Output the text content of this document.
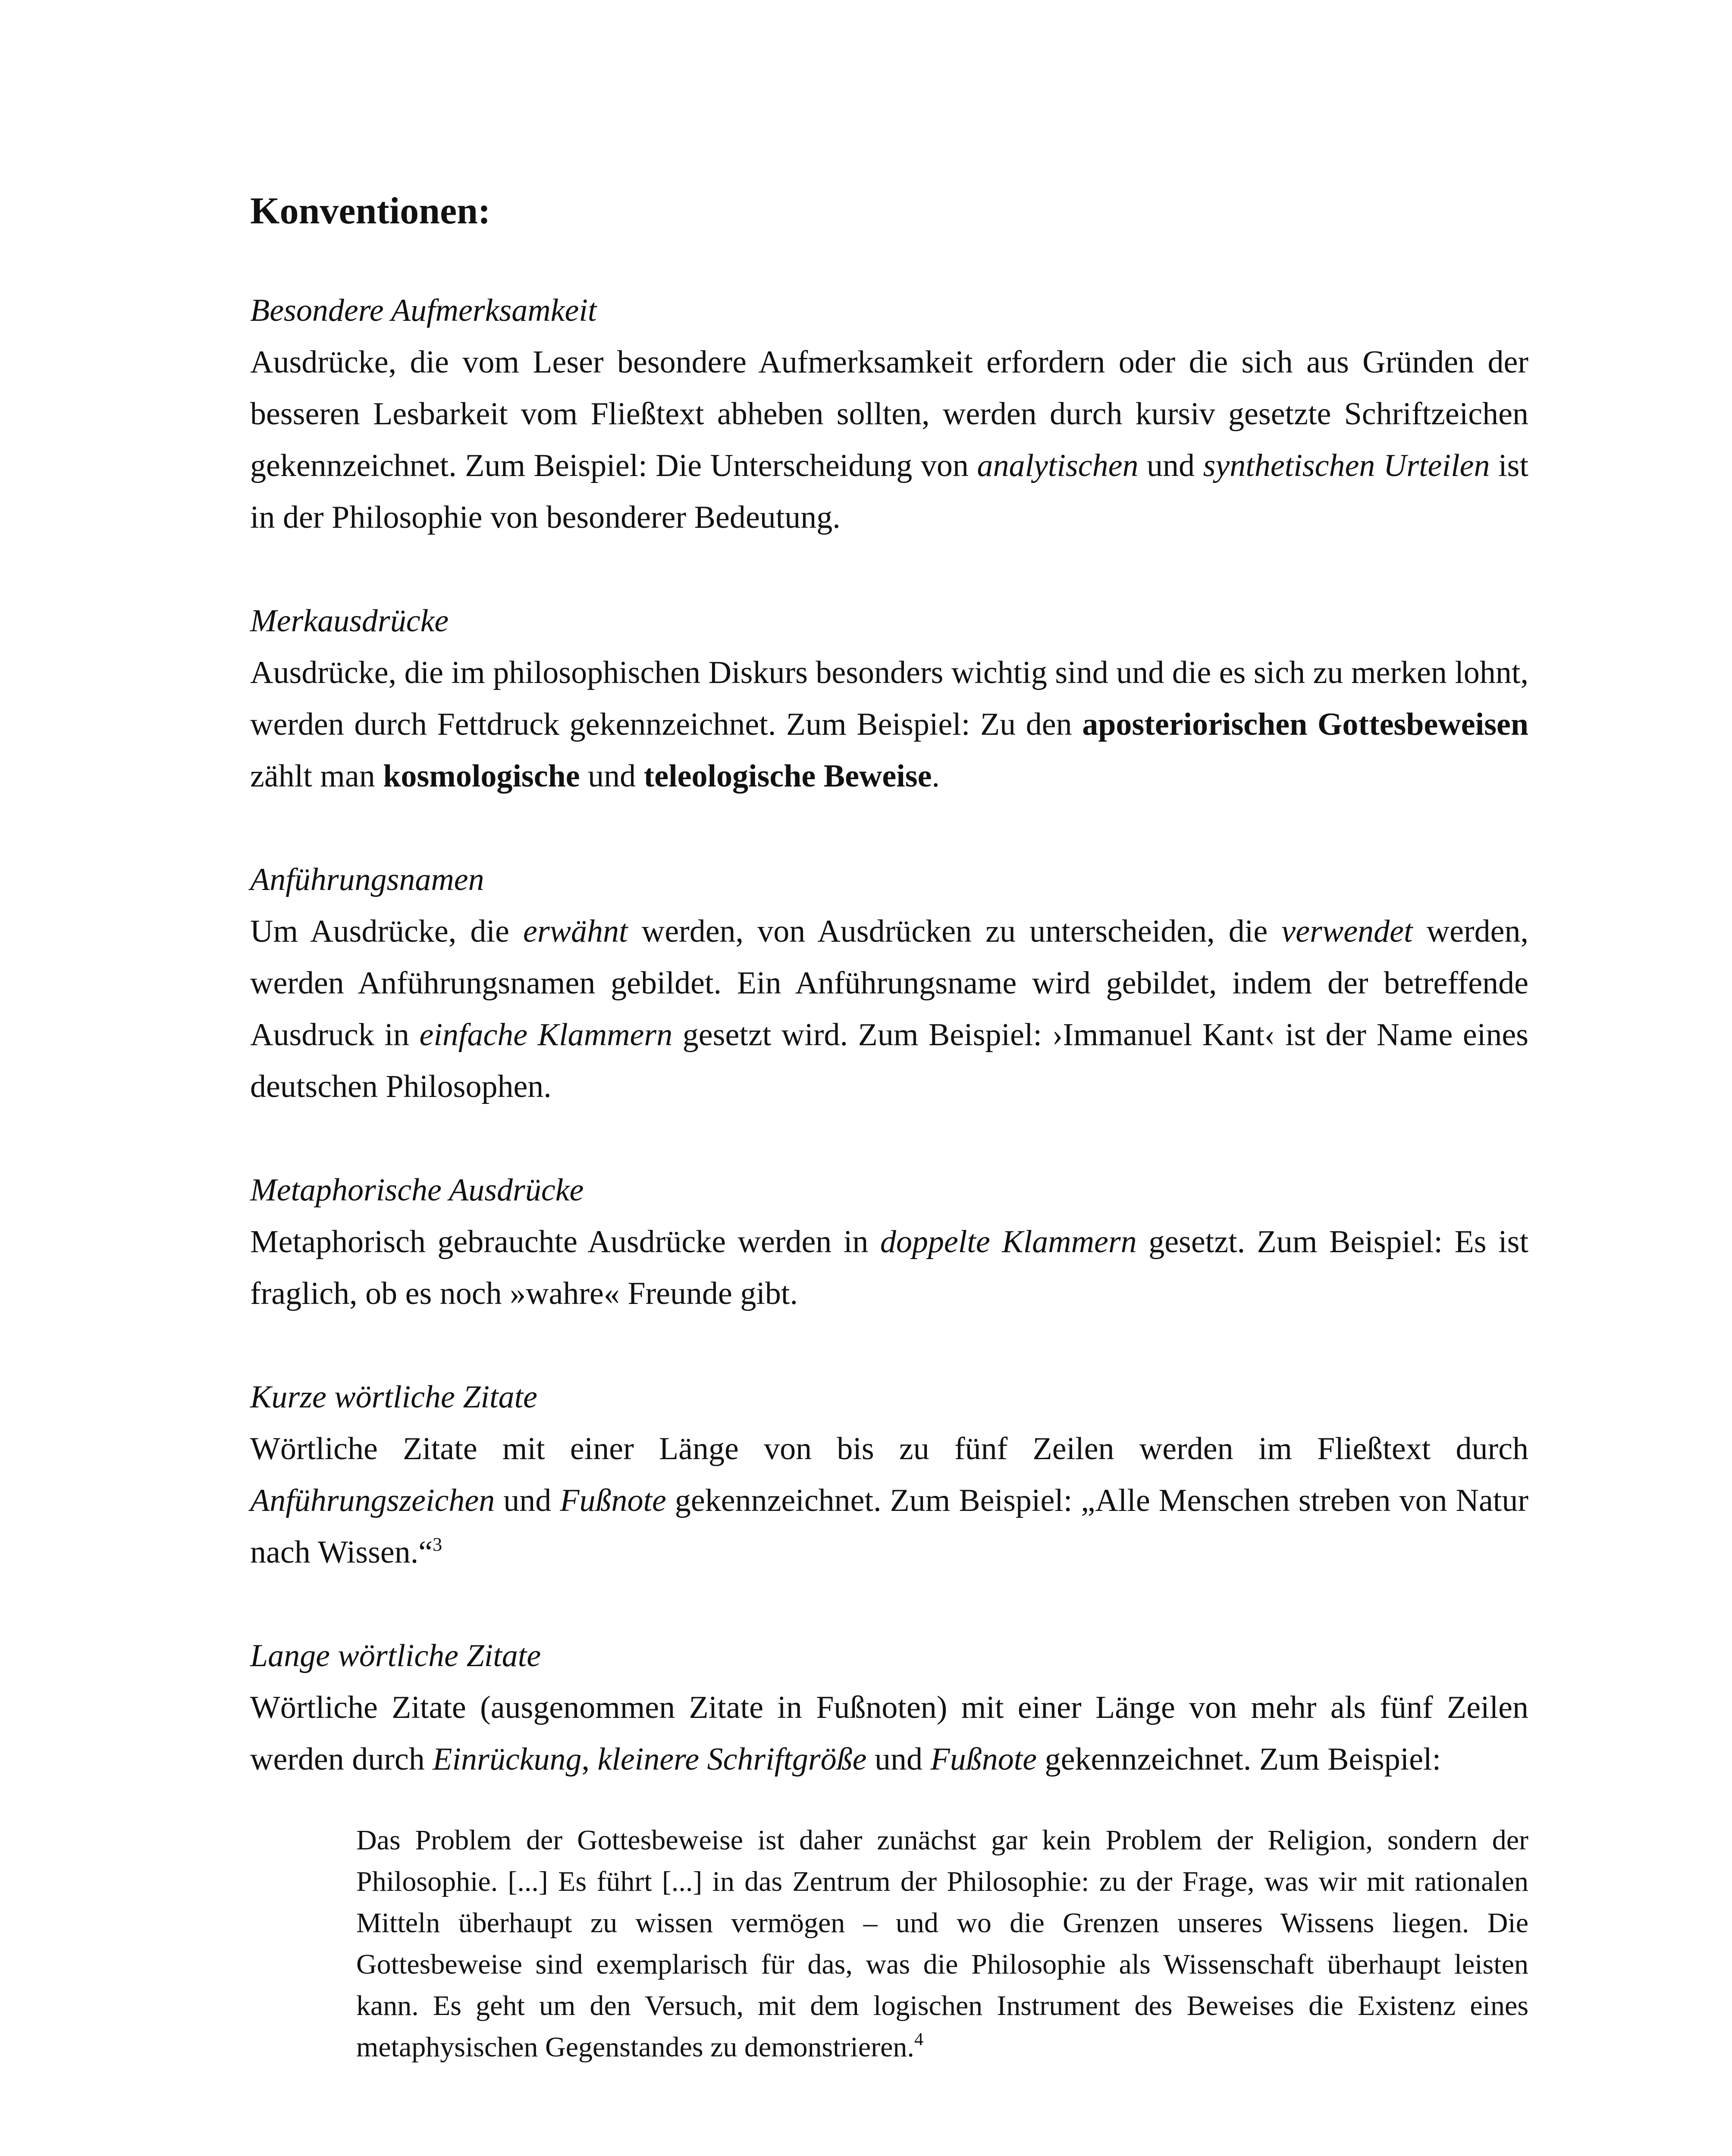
Konventionen:

Besondere Aufmerksamkeit

Ausdrücke, die vom Leser besondere Aufmerksamkeit erfordern oder die sich aus Gründen der besseren Lesbarkeit vom Fließtext abheben sollten, werden durch kursiv gesetzte Schriftzeichen gekennzeichnet. Zum Beispiel: Die Unterscheidung von analytischen und synthetischen Urteilen ist in der Philosophie von besonderer Bedeutung.

Merkausdrücke

Ausdrücke, die im philosophischen Diskurs besonders wichtig sind und die es sich zu merken lohnt, werden durch Fettdruck gekennzeichnet. Zum Beispiel: Zu den aposteriorischen Gottesbeweisen zählt man kosmologische und teleologische Beweise.

Anführungsnamen

Um Ausdrücke, die erwähnt werden, von Ausdrücken zu unterscheiden, die verwendet werden, werden Anführungsnamen gebildet. Ein Anführungsname wird gebildet, indem der betreffende Ausdruck in einfache Klammern gesetzt wird. Zum Beispiel: ›Immanuel Kant‹ ist der Name eines deutschen Philosophen.

Metaphorische Ausdrücke

Metaphorisch gebrauchte Ausdrücke werden in doppelte Klammern gesetzt. Zum Beispiel: Es ist fraglich, ob es noch »wahre« Freunde gibt.

Kurze wörtliche Zitate

Wörtliche Zitate mit einer Länge von bis zu fünf Zeilen werden im Fließtext durch Anführungszeichen und Fußnote gekennzeichnet. Zum Beispiel: „Alle Menschen streben von Natur nach Wissen.“$^3$

Lange wörtliche Zitate

Wörtliche Zitate (ausgenommen Zitate in Fußnoten) mit einer Länge von mehr als fünf Zeilen werden durch Einrückung, kleinere Schriftgröße und Fußnote gekennzeichnet. Zum Beispiel:

Das Problem der Gottesbeweise ist daher zunächst gar kein Problem der Religion, sondern der Philosophie. [...] Es führt [...] in das Zentrum der Philosophie: zu der Frage, was wir mit rationalen Mitteln überhaupt zu wissen vermögen – und wo die Grenzen unseres Wissens liegen. Die Gottesbeweise sind exemplarisch für das, was die Philosophie als Wissenschaft überhaupt leisten kann. Es geht um den Versuch, mit dem logischen Instrument des Beweises die Existenz eines metaphysischen Gegenstandes zu demonstrieren.$^4$
